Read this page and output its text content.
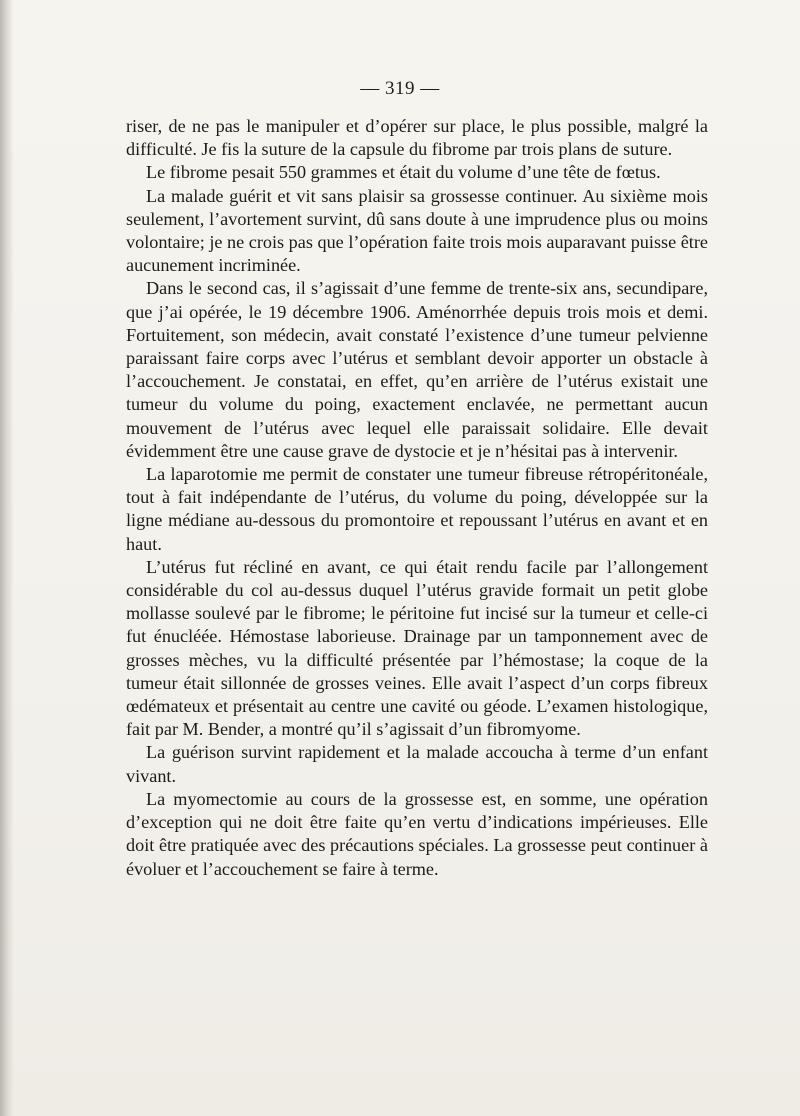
— 319 —

riser, de ne pas le manipuler et d’opérer sur place, le plus possible, malgré la difficulté. Je fis la suture de la capsule du fibrome par trois plans de suture.

Le fibrome pesait 550 grammes et était du volume d’une tête de fœtus.

La malade guérit et vit sans plaisir sa grossesse continuer. Au sixième mois seulement, l’avortement survint, dû sans doute à une imprudence plus ou moins volontaire; je ne crois pas que l’opération faite trois mois auparavant puisse être aucunement incriminée.

Dans le second cas, il s’agissait d’une femme de trente-six ans, secundipare, que j’ai opérée, le 19 décembre 1906. Aménorrhée depuis trois mois et demi. Fortuitement, son médecin, avait constaté l’existence d’une tumeur pelvienne paraissant faire corps avec l’utérus et semblant devoir apporter un obstacle à l’accouchement. Je constatai, en effet, qu’en arrière de l’utérus existait une tumeur du volume du poing, exactement enclavée, ne permettant aucun mouvement de l’utérus avec lequel elle paraissait solidaire. Elle devait évidemment être une cause grave de dystocie et je n’hésitai pas à intervenir.

La laparotomie me permit de constater une tumeur fibreuse rétropéritonéale, tout à fait indépendante de l’utérus, du volume du poing, développée sur la ligne médiane au-dessous du promontoire et repoussant l’utérus en avant et en haut.

L’utérus fut récliné en avant, ce qui était rendu facile par l’allongement considérable du col au-dessus duquel l’utérus gravide formait un petit globe mollasse soulevé par le fibrome; le péritoine fut incisé sur la tumeur et celle-ci fut énucléée. Hémostase laborieuse. Drainage par un tamponnement avec de grosses mèches, vu la difficulté présentée par l’hémostase; la coque de la tumeur était sillonnée de grosses veines. Elle avait l’aspect d’un corps fibreux œdémateux et présentait au centre une cavité ou géode. L’examen histologique, fait par M. Bender, a montré qu’il s’agissait d’un fibromyome.

La guérison survint rapidement et la malade accoucha à terme d’un enfant vivant.

La myomectomie au cours de la grossesse est, en somme, une opération d’exception qui ne doit être faite qu’en vertu d’indications impérieuses. Elle doit être pratiquée avec des précautions spéciales. La grossesse peut continuer à évoluer et l’accouchement se faire à terme.
